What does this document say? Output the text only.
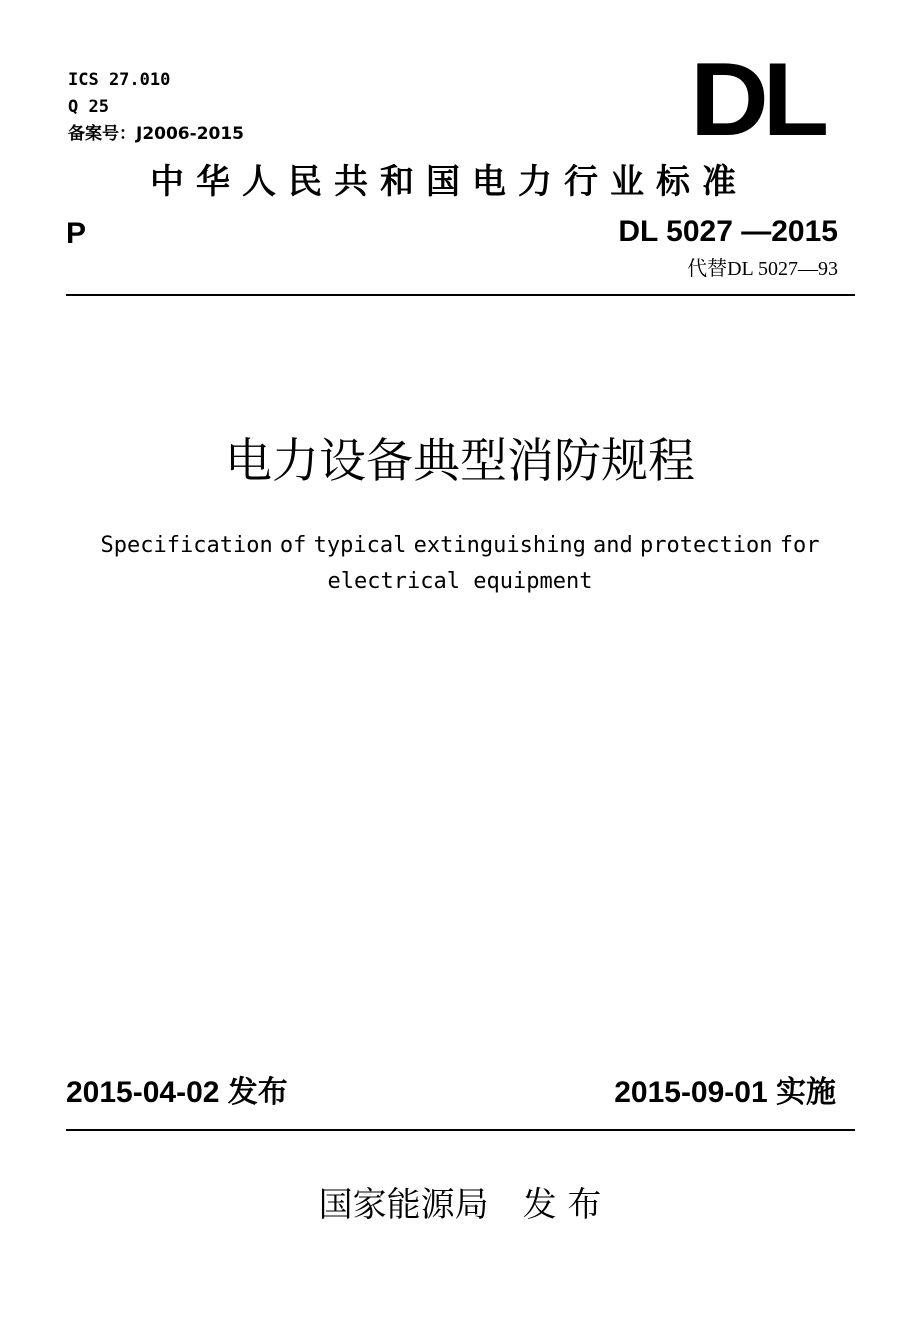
ICS 27.010
Q 25
备案号：J2006-2015	DL
中华人民共和国电力行业标准
P	DL 5027 —2015
代替DL 5027—93
电力设备典型消防规程
Specification of typical extinguishing and protection for
electrical equipment
2015-04-02 发布	2015-09-01 实施
国家能源局　发 布
